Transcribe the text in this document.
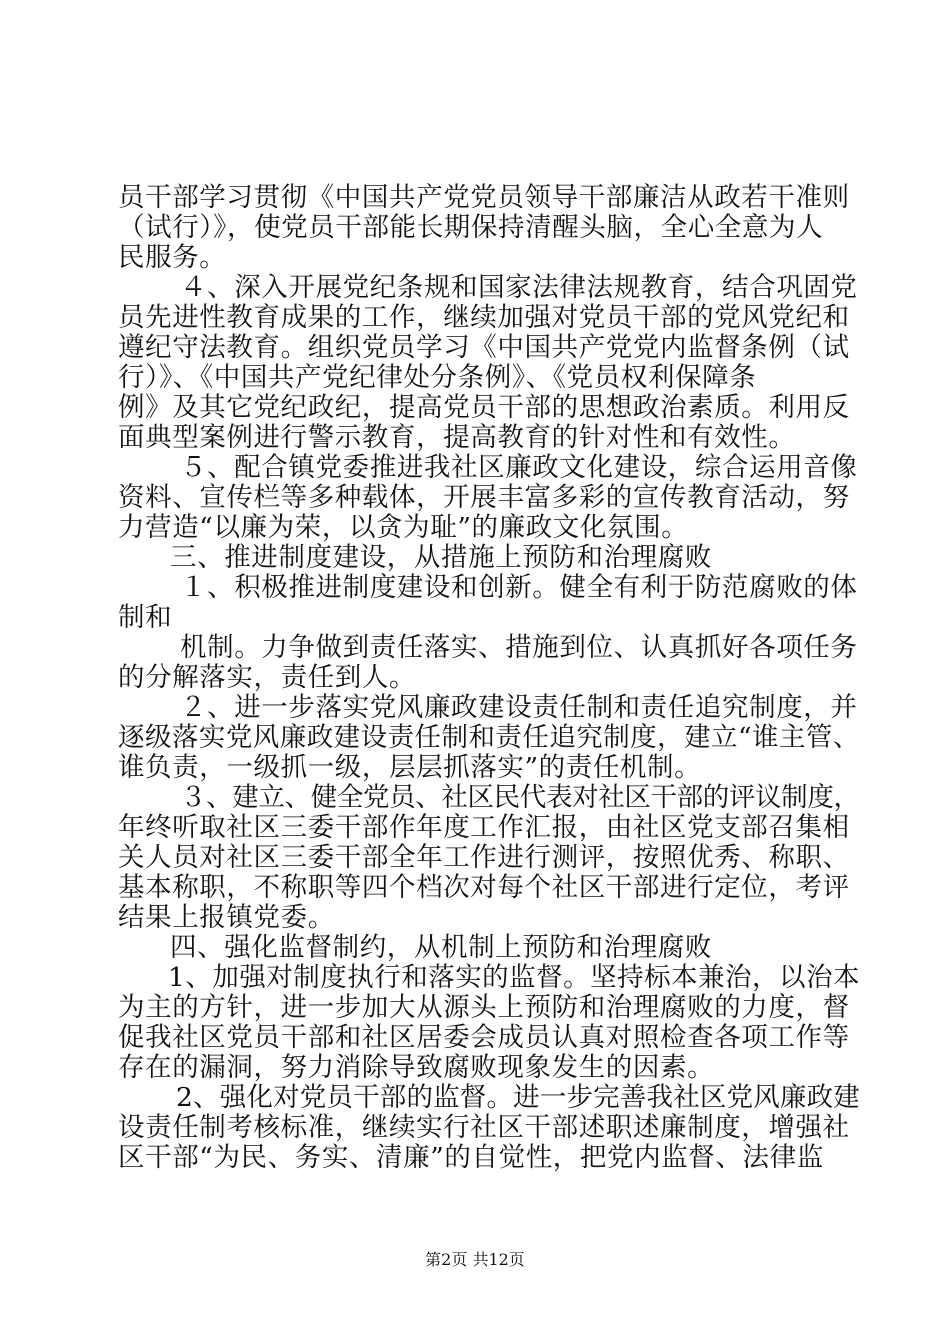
员干部学习贯彻《中国共产党党员领导干部廉洁从政若干准则
（试行）》，使党员干部能长期保持清醒头脑，全心全意为人
民服务。
４、深入开展党纪条规和国家法律法规教育，结合巩固党
员先进性教育成果的工作，继续加强对党员干部的党风党纪和
遵纪守法教育。组织党员学习《中国共产党党内监督条例（试
行）》、《中国共产党纪律处分条例》、《党员权利保障条
例》及其它党纪政纪，提高党员干部的思想政治素质。利用反
面典型案例进行警示教育，提高教育的针对性和有效性。
５、配合镇党委推进我社区廉政文化建设，综合运用音像
资料、宣传栏等多种载体，开展丰富多彩的宣传教育活动，努
力营造“以廉为荣，以贪为耻”的廉政文化氛围。
三、推进制度建设，从措施上预防和治理腐败
１、积极推进制度建设和创新。健全有利于防范腐败的体
制和
机制。力争做到责任落实、措施到位、认真抓好各项任务
的分解落实，责任到人。
２、进一步落实党风廉政建设责任制和责任追究制度，并
逐级落实党风廉政建设责任制和责任追究制度，建立“谁主管、
谁负责，一级抓一级，层层抓落实”的责任机制。
３、建立、健全党员、社区民代表对社区干部的评议制度，
年终听取社区三委干部作年度工作汇报，由社区党支部召集相
关人员对社区三委干部全年工作进行测评，按照优秀、称职、
基本称职，不称职等四个档次对每个社区干部进行定位，考评
结果上报镇党委。
四、强化监督制约，从机制上预防和治理腐败
1、加强对制度执行和落实的监督。坚持标本兼治，以治本
为主的方针，进一步加大从源头上预防和治理腐败的力度，督
促我社区党员干部和社区居委会成员认真对照检查各项工作等
存在的漏洞，努力消除导致腐败现象发生的因素。
2、强化对党员干部的监督。进一步完善我社区党风廉政建
设责任制考核标准，继续实行社区干部述职述廉制度，增强社
区干部“为民、务实、清廉”的自觉性，把党内监督、法律监
第2页 共12页
